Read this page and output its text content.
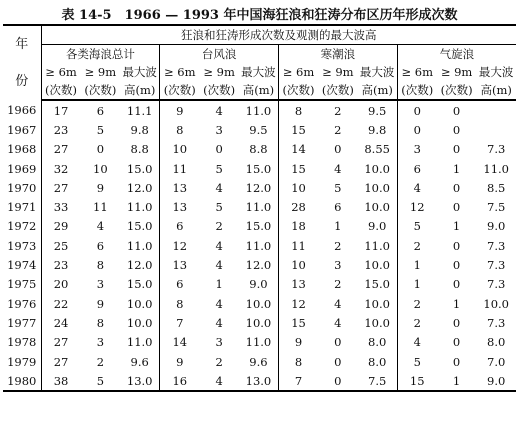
表 14-5　1966 — 1993 年中国海狂浪和狂涛分布区历年形成次数
年	狂浪和狂涛形成次数及观测的最大波高											
	各类海浪总计			台风浪			寒潮浪			气旋浪		
份	≥ 6m	≥ 9m	最大波	≥ 6m	≥ 9m	最大波	≥ 6m	≥ 9m	最大波	≥ 6m	≥ 9m	最大波
	(次数)	(次数)	高(m)	(次数)	(次数)	高(m)	(次数)	(次数)	高(m)	(次数)	(次数)	高(m)
1966	17	6	11.1	9	4	11.0	8	2	9.5	0	0	
1967	23	5	9.8	8	3	9.5	15	2	9.8	0	0	
1968	27	0	8.8	10	0	8.8	14	0	8.55	3	0	7.3
1969	32	10	15.0	11	5	15.0	15	4	10.0	6	1	11.0
1970	27	9	12.0	13	4	12.0	10	5	10.0	4	0	8.5
1971	33	11	11.0	13	5	11.0	28	6	10.0	12	0	7.5
1972	29	4	15.0	6	2	15.0	18	1	9.0	5	1	9.0
1973	25	6	11.0	12	4	11.0	11	2	11.0	2	0	7.3
1974	23	8	12.0	13	4	12.0	10	3	10.0	1	0	7.3
1975	20	3	15.0	6	1	9.0	13	2	15.0	1	0	7.3
1976	22	9	10.0	8	4	10.0	12	4	10.0	2	1	10.0
1977	24	8	10.0	7	4	10.0	15	4	10.0	2	0	7.3
1978	27	3	11.0	14	3	11.0	9	0	8.0	4	0	8.0
1979	27	2	9.6	9	2	9.6	8	0	8.0	5	0	7.0
1980	38	5	13.0	16	4	13.0	7	0	7.5	15	1	9.0
